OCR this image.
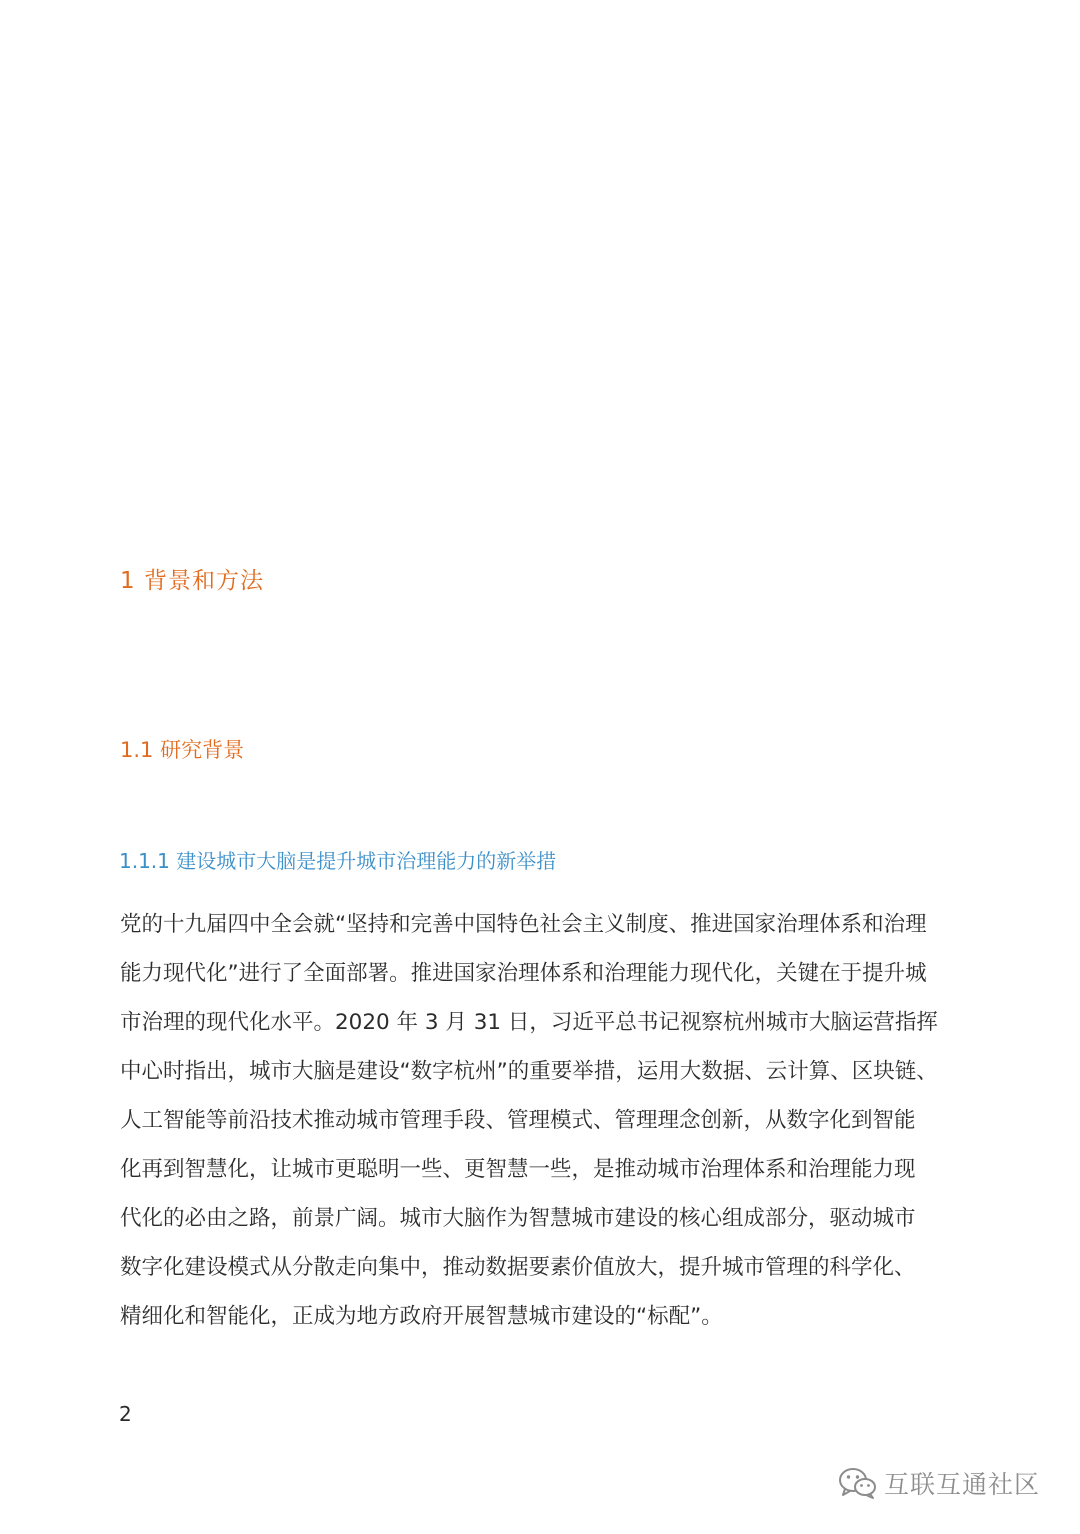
1 背景和方法
1.1 研究背景
1.1.1 建设城市大脑是提升城市治理能力的新举措

党的十九届四中全会就“坚持和完善中国特色社会主义制度、推进国家治理体系和治理
能力现代化”进行了全面部署。推进国家治理体系和治理能力现代化，关键在于提升城
市治理的现代化水平。2020 年 3 月 31 日，习近平总书记视察杭州城市大脑运营指挥
中心时指出，城市大脑是建设“数字杭州”的重要举措，运用大数据、云计算、区块链、
人工智能等前沿技术推动城市管理手段、管理模式、管理理念创新，从数字化到智能
化再到智慧化，让城市更聪明一些、更智慧一些，是推动城市治理体系和治理能力现
代化的必由之路，前景广阔。城市大脑作为智慧城市建设的核心组成部分，驱动城市
数字化建设模式从分散走向集中，推动数据要素价值放大，提升城市管理的科学化、
精细化和智能化，正成为地方政府开展智慧城市建设的“标配”。

2
互联互通社区
